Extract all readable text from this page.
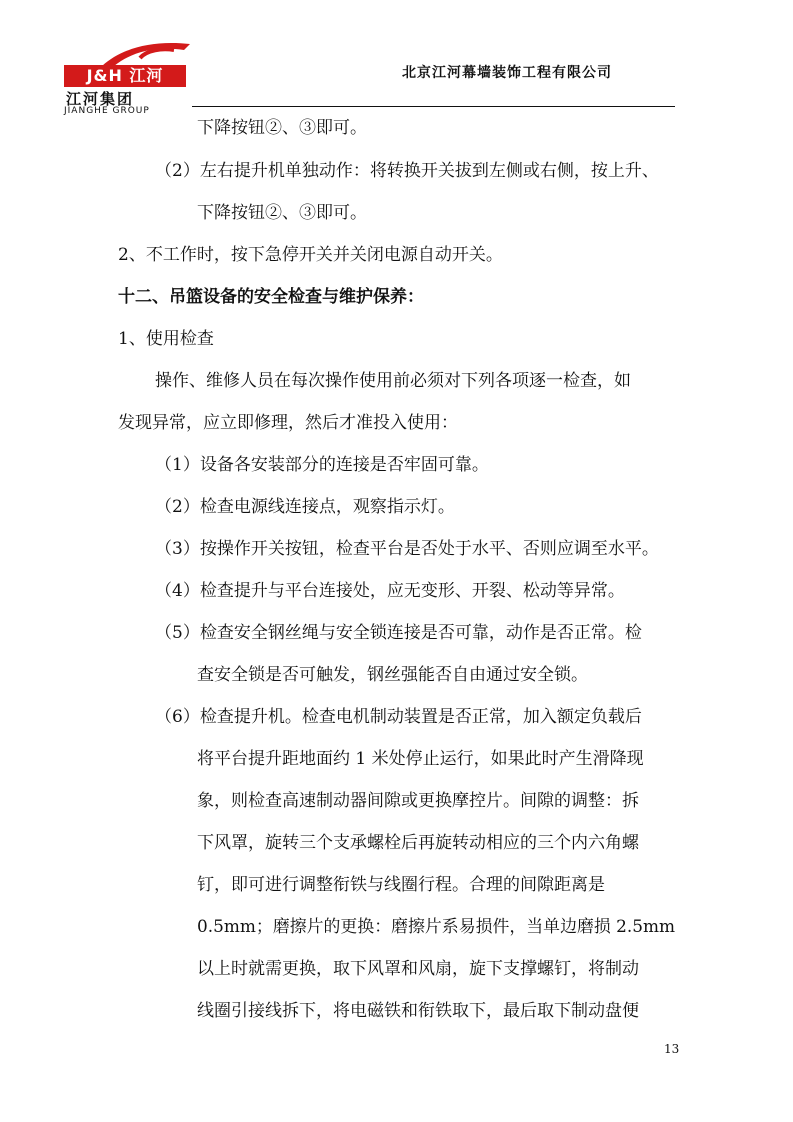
J&H 江河
江河集团
JIANGHE GROUP
北京江河幕墙装饰工程有限公司
下降按钮②、③即可。
（2）左右提升机单独动作：将转换开关拔到左侧或右侧，按上升、
下降按钮②、③即可。
2、不工作时，按下急停开关并关闭电源自动开关。
十二、吊篮设备的安全检查与维护保养：
1、使用检查
操作、维修人员在每次操作使用前必须对下列各项逐一检查，如
发现异常，应立即修理，然后才准投入使用：
（1）设备各安装部分的连接是否牢固可靠。
（2）检查电源线连接点，观察指示灯。
（3）按操作开关按钮，检查平台是否处于水平、否则应调至水平。
（4）检查提升与平台连接处，应无变形、开裂、松动等异常。
（5）检查安全钢丝绳与安全锁连接是否可靠，动作是否正常。检
查安全锁是否可触发，钢丝强能否自由通过安全锁。
（6）检查提升机。检查电机制动装置是否正常，加入额定负载后
将平台提升距地面约 1 米处停止运行，如果此时产生滑降现
象，则检查高速制动器间隙或更换摩控片。间隙的调整：拆
下风罩，旋转三个支承螺栓后再旋转动相应的三个内六角螺
钉，即可进行调整衔铁与线圈行程。合理的间隙距离是
0.5mm；磨擦片的更换：磨擦片系易损件，当单边磨损 2.5mm
以上时就需更换，取下风罩和风扇，旋下支撑螺钉，将制动
线圈引接线拆下，将电磁铁和衔铁取下，最后取下制动盘便
13
